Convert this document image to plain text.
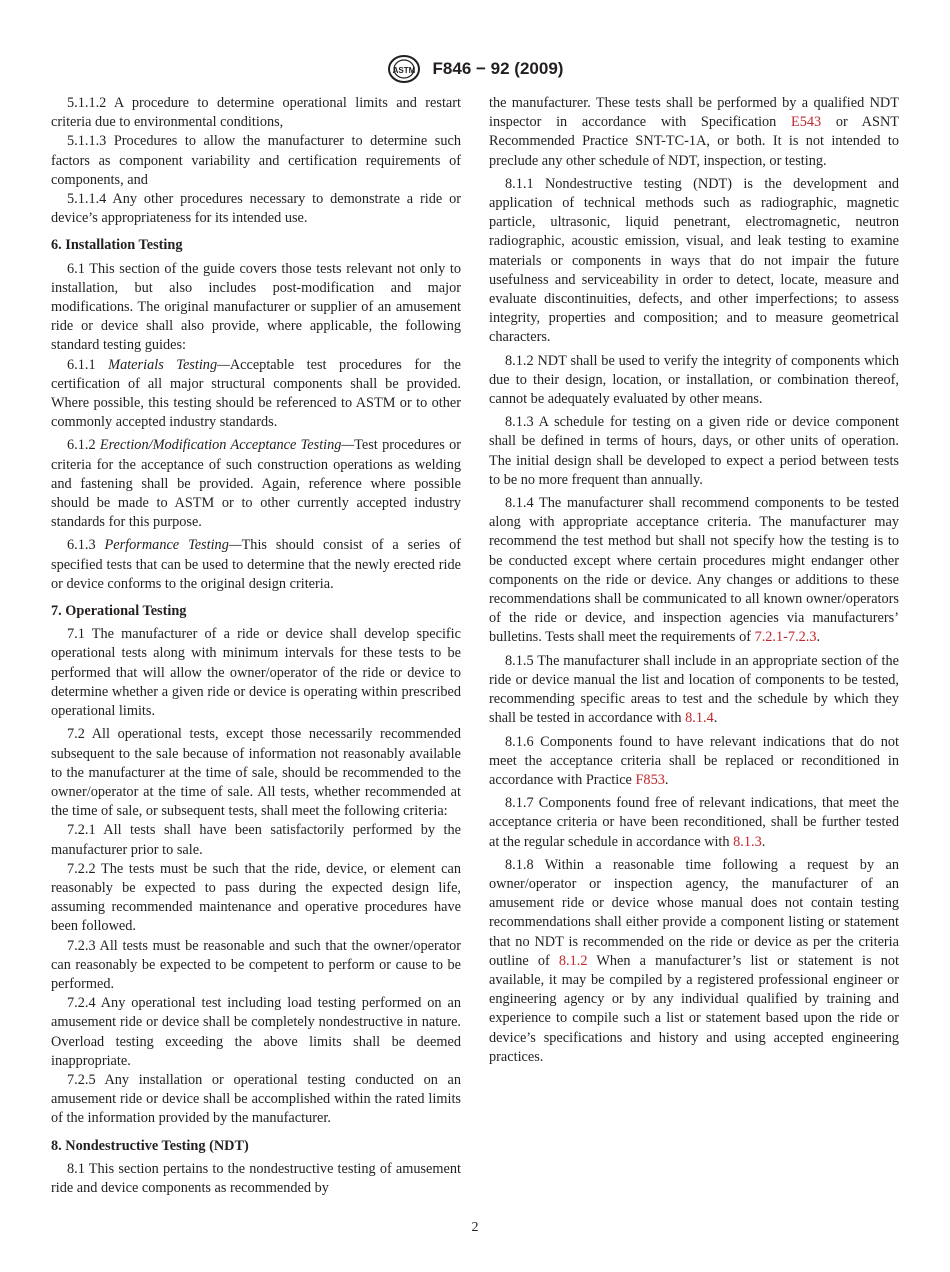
ASTM F846 − 92 (2009)

5.1.1.2 A procedure to determine operational limits and restart criteria due to environmental conditions,

5.1.1.3 Procedures to allow the manufacturer to determine such factors as component variability and certification requirements of components, and

5.1.1.4 Any other procedures necessary to demonstrate a ride or device’s appropriateness for its intended use.

6. Installation Testing

6.1 This section of the guide covers those tests relevant not only to installation, but also includes post-modification and major modifications. The original manufacturer or supplier of an amusement ride or device shall also provide, where applicable, the following standard testing guides:

6.1.1 Materials Testing—Acceptable test procedures for the certification of all major structural components shall be provided. Where possible, this testing should be referenced to ASTM or to other commonly accepted industry standards.

6.1.2 Erection/Modification Acceptance Testing—Test procedures or criteria for the acceptance of such construction operations as welding and fastening shall be provided. Again, reference where possible should be made to ASTM or to other currently accepted industry standards for this purpose.

6.1.3 Performance Testing—This should consist of a series of specified tests that can be used to determine that the newly erected ride or device conforms to the original design criteria.

7. Operational Testing

7.1 The manufacturer of a ride or device shall develop specific operational tests along with minimum intervals for these tests to be performed that will allow the owner/operator of the ride or device to determine whether a given ride or device is operating within prescribed operational limits.

7.2 All operational tests, except those necessarily recommended subsequent to the sale because of information not reasonably available to the manufacturer at the time of sale, should be recommended to the owner/operator at the time of sale. All tests, whether recommended at the time of sale, or subsequent tests, shall meet the following criteria:

7.2.1 All tests shall have been satisfactorily performed by the manufacturer prior to sale.

7.2.2 The tests must be such that the ride, device, or element can reasonably be expected to pass during the expected design life, assuming recommended maintenance and operative procedures have been followed.

7.2.3 All tests must be reasonable and such that the owner/operator can reasonably be expected to be competent to perform or cause to be performed.

7.2.4 Any operational test including load testing performed on an amusement ride or device shall be completely nondestructive in nature. Overload testing exceeding the above limits shall be deemed inappropriate.

7.2.5 Any installation or operational testing conducted on an amusement ride or device shall be accomplished within the rated limits of the information provided by the manufacturer.

8. Nondestructive Testing (NDT)

8.1 This section pertains to the nondestructive testing of amusement ride and device components as recommended by

the manufacturer. These tests shall be performed by a qualified NDT inspector in accordance with Specification E543 or ASNT Recommended Practice SNT-TC-1A, or both. It is not intended to preclude any other schedule of NDT, inspection, or testing.

8.1.1 Nondestructive testing (NDT) is the development and application of technical methods such as radiographic, magnetic particle, ultrasonic, liquid penetrant, electromagnetic, neutron radiographic, acoustic emission, visual, and leak testing to examine materials or components in ways that do not impair the future usefulness and serviceability in order to detect, locate, measure and evaluate discontinuities, defects, and other imperfections; to assess integrity, properties and composition; and to measure geometrical characters.

8.1.2 NDT shall be used to verify the integrity of components which due to their design, location, or installation, or combination thereof, cannot be adequately evaluated by other means.

8.1.3 A schedule for testing on a given ride or device component shall be defined in terms of hours, days, or other units of operation. The initial design shall be developed to expect a period between tests to be no more frequent than annually.

8.1.4 The manufacturer shall recommend components to be tested along with appropriate acceptance criteria. The manufacturer may recommend the test method but shall not specify how the testing is to be conducted except where certain procedures might endanger other components on the ride or device. Any changes or additions to these recommendations shall be communicated to all known owner/operators of the ride or device, and inspection agencies via manufacturers’ bulletins. Tests shall meet the requirements of 7.2.1-7.2.3.

8.1.5 The manufacturer shall include in an appropriate section of the ride or device manual the list and location of components to be tested, recommending specific areas to test and the schedule by which they shall be tested in accordance with 8.1.4.

8.1.6 Components found to have relevant indications that do not meet the acceptance criteria shall be replaced or reconditioned in accordance with Practice F853.

8.1.7 Components found free of relevant indications, that meet the acceptance criteria or have been reconditioned, shall be further tested at the regular schedule in accordance with 8.1.3.

8.1.8 Within a reasonable time following a request by an owner/operator or inspection agency, the manufacturer of an amusement ride or device whose manual does not contain testing recommendations shall either provide a component listing or statement that no NDT is recommended on the ride or device as per the criteria outline of 8.1.2 When a manufacturer’s list or statement is not available, it may be compiled by a registered professional engineer or engineering agency or by any individual qualified by training and experience to compile such a list or statement based upon the ride or device’s specifications and history and using accepted engineering practices.

2
